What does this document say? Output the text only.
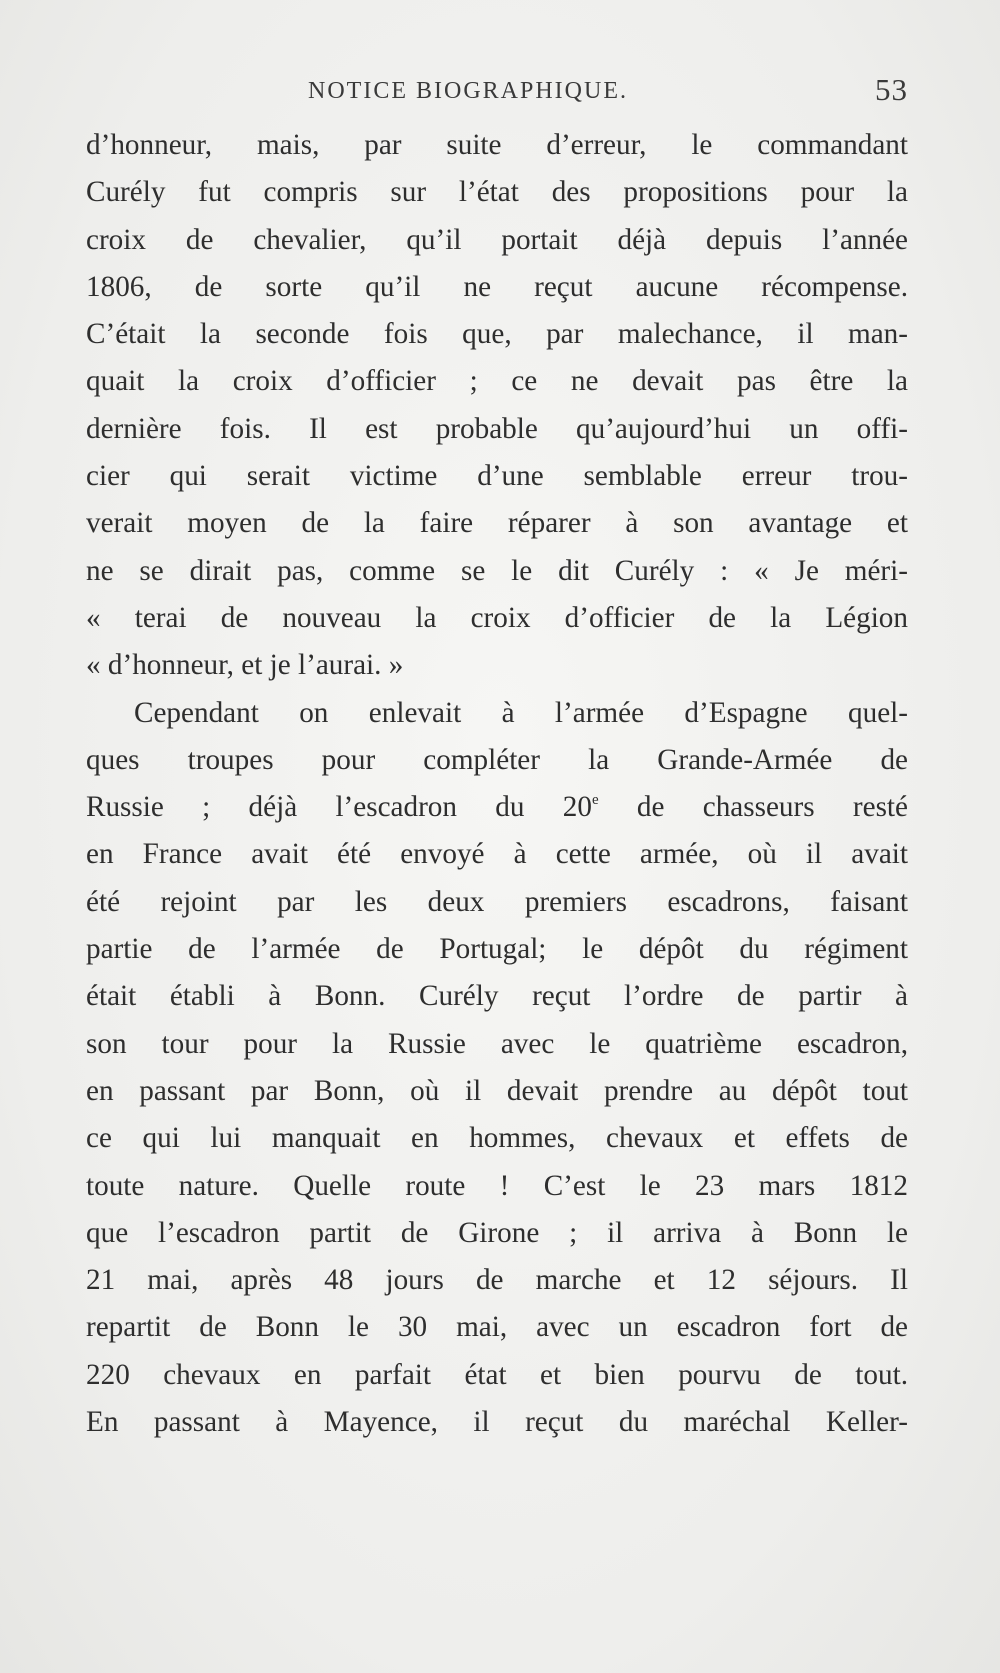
NOTICE BIOGRAPHIQUE.	53
d’honneur, mais, par suite d’erreur, le commandant
Curély fut compris sur l’état des propositions pour la
croix de chevalier, qu’il portait déjà depuis l’année
1806, de sorte qu’il ne reçut aucune récompense.
C’était la seconde fois que, par malechance, il man-
quait la croix d’officier ; ce ne devait pas être la
dernière fois. Il est probable qu’aujourd’hui un offi-
cier qui serait victime d’une semblable erreur trou-
verait moyen de la faire réparer à son avantage et
ne se dirait pas, comme se le dit Curély : « Je méri-
« terai de nouveau la croix d’officier de la Légion
« d’honneur, et je l’aurai. »
Cependant on enlevait à l’armée d’Espagne quel-
ques troupes pour compléter la Grande-Armée de
Russie ; déjà l’escadron du 20e de chasseurs resté
en France avait été envoyé à cette armée, où il avait
été rejoint par les deux premiers escadrons, faisant
partie de l’armée de Portugal; le dépôt du régiment
était établi à Bonn. Curély reçut l’ordre de partir à
son tour pour la Russie avec le quatrième escadron,
en passant par Bonn, où il devait prendre au dépôt tout
ce qui lui manquait en hommes, chevaux et effets de
toute nature. Quelle route ! C’est le 23 mars 1812
que l’escadron partit de Girone ; il arriva à Bonn le
21 mai, après 48 jours de marche et 12 séjours. Il
repartit de Bonn le 30 mai, avec un escadron fort de
220 chevaux en parfait état et bien pourvu de tout.
En passant à Mayence, il reçut du maréchal Keller-
